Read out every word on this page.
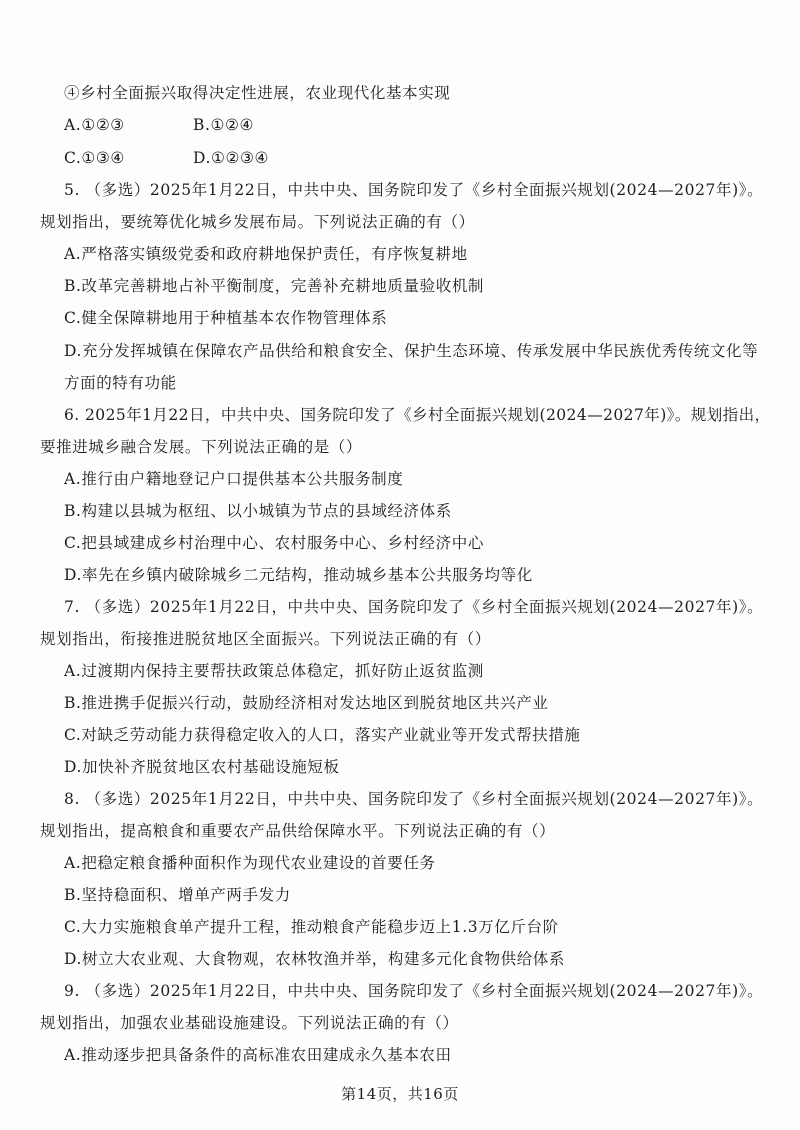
④乡村全面振兴取得决定性进展，农业现代化基本实现
A.①②③	B.①②④
C.①③④	D.①②③④
5. （多选）2025年1月22日，中共中央、国务院印发了《乡村全面振兴规划(2024—2027年)》。
规划指出，要统筹优化城乡发展布局。下列说法正确的有（）
A.严格落实镇级党委和政府耕地保护责任，有序恢复耕地
B.改革完善耕地占补平衡制度，完善补充耕地质量验收机制
C.健全保障耕地用于种植基本农作物管理体系
D.充分发挥城镇在保障农产品供给和粮食安全、保护生态环境、传承发展中华民族优秀传统文化等
方面的特有功能
6. 2025年1月22日，中共中央、国务院印发了《乡村全面振兴规划(2024—2027年)》。规划指出，
要推进城乡融合发展。下列说法正确的是（）
A.推行由户籍地登记户口提供基本公共服务制度
B.构建以县城为枢纽、以小城镇为节点的县域经济体系
C.把县域建成乡村治理中心、农村服务中心、乡村经济中心
D.率先在乡镇内破除城乡二元结构，推动城乡基本公共服务均等化
7. （多选）2025年1月22日，中共中央、国务院印发了《乡村全面振兴规划(2024—2027年)》。
规划指出，衔接推进脱贫地区全面振兴。下列说法正确的有（）
A.过渡期内保持主要帮扶政策总体稳定，抓好防止返贫监测
B.推进携手促振兴行动，鼓励经济相对发达地区到脱贫地区共兴产业
C.对缺乏劳动能力获得稳定收入的人口，落实产业就业等开发式帮扶措施
D.加快补齐脱贫地区农村基础设施短板
8. （多选）2025年1月22日，中共中央、国务院印发了《乡村全面振兴规划(2024—2027年)》。
规划指出，提高粮食和重要农产品供给保障水平。下列说法正确的有（）
A.把稳定粮食播种面积作为现代农业建设的首要任务
B.坚持稳面积、增单产两手发力
C.大力实施粮食单产提升工程，推动粮食产能稳步迈上1.3万亿斤台阶
D.树立大农业观、大食物观，农林牧渔并举，构建多元化食物供给体系
9. （多选）2025年1月22日，中共中央、国务院印发了《乡村全面振兴规划(2024—2027年)》。
规划指出，加强农业基础设施建设。下列说法正确的有（）
A.推动逐步把具备条件的高标准农田建成永久基本农田
第14页，共16页
